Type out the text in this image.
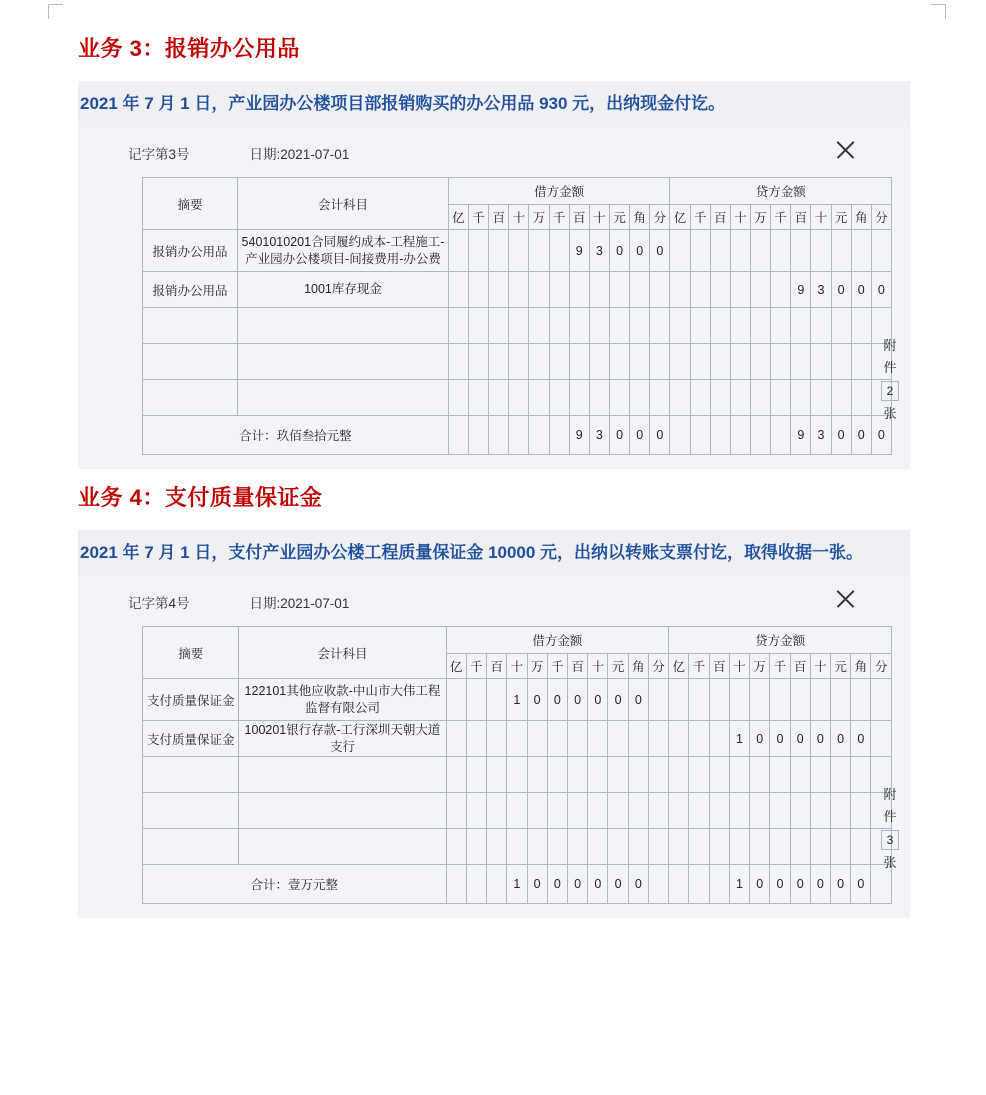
业务 3：报销办公用品
2021 年 7 月 1 日，产业园办公楼项目部报销购买的办公用品 930 元，出纳现金付讫。
记字第3号	日期:2021-07-01
摘要	会计科目	借方金额											贷方金额										
		亿	千	百	十	万	千	百	十	元	角	分	亿	千	百	十	万	千	百	十	元	角	分
报销办公用品	5401010201合同履约成本-工程施工-产业园办公楼项目-间接费用-办公费							9	3	0	0	0											
报销办公用品	1001库存现金																		9	3	0	0	0

合计：玖佰叁拾元整								9	3	0	0	0							9	3	0	0	0
附
件
2
张
业务 4：支付质量保证金
2021 年 7 月 1 日，支付产业园办公楼工程质量保证金 10000 元，出纳以转账支票付讫，取得收据一张。
记字第4号	日期:2021-07-01
摘要	会计科目	借方金额											贷方金额										
		亿	千	百	十	万	千	百	十	元	角	分	亿	千	百	十	万	千	百	十	元	角	分
支付质量保证金	122101其他应收款-中山市大伟工程监督有限公司				1	0	0	0	0	0	0												
支付质量保证金	100201银行存款-工行深圳天朝大道支行															1	0	0	0	0	0	0	

合计：壹万元整					1	0	0	0	0	0	0					1	0	0	0	0	0	0	
附
件
3
张
